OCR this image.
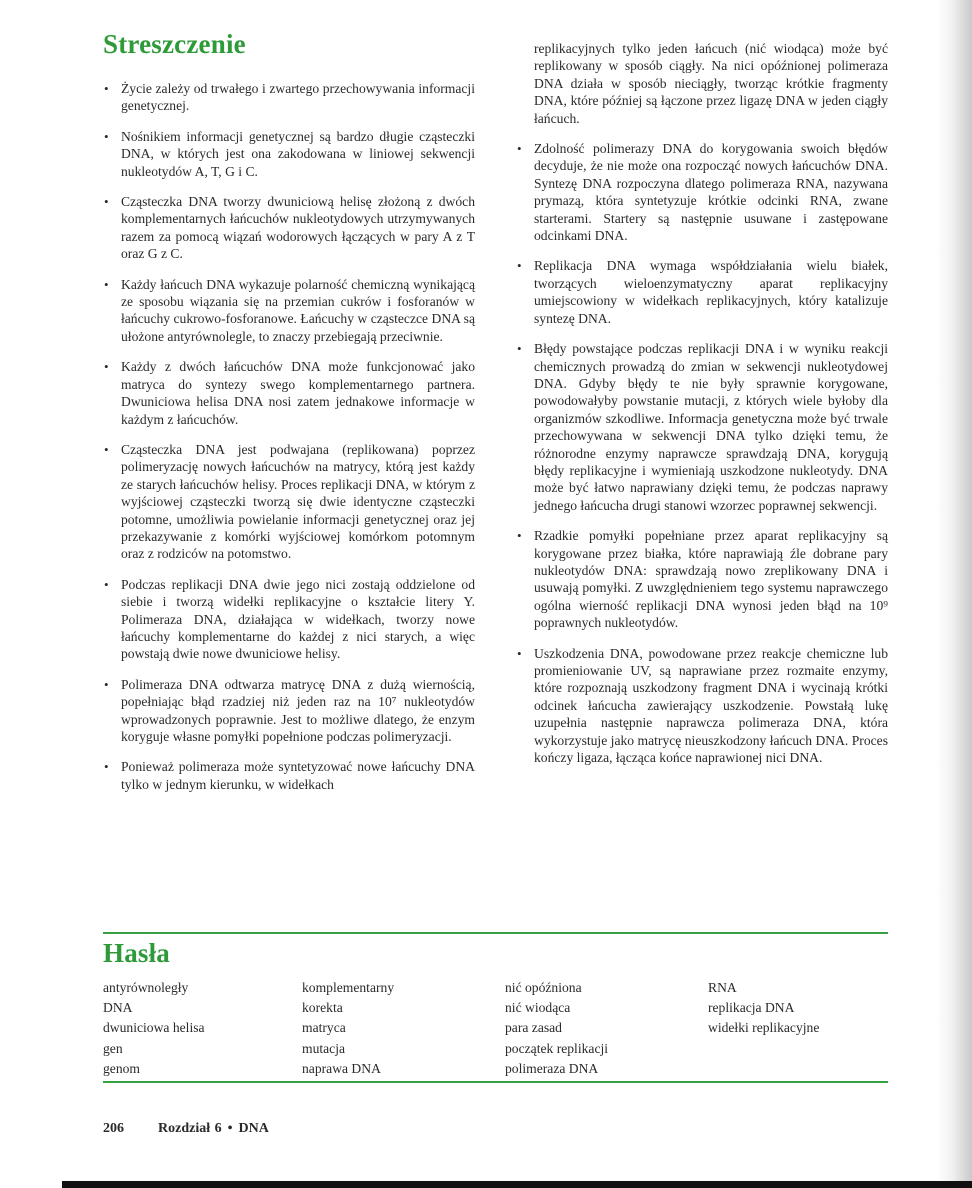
Streszczenie

• Życie zależy od trwałego i zwartego przechowywania informacji genetycznej.

• Nośnikiem informacji genetycznej są bardzo długie cząsteczki DNA, w których jest ona zakodowana w liniowej sekwencji nukleotydów A, T, G i C.

• Cząsteczka DNA tworzy dwuniciową helisę złożoną z dwóch komplementarnych łańcuchów nukleotydowych utrzymywanych razem za pomocą wiązań wodorowych łączących w pary A z T oraz G z C.

• Każdy łańcuch DNA wykazuje polarność chemiczną wynikającą ze sposobu wiązania się na przemian cukrów i fosforanów w łańcuchy cukrowo-fosforanowe. Łańcuchy w cząsteczce DNA są ułożone antyrównolegle, to znaczy przebiegają przeciwnie.

• Każdy z dwóch łańcuchów DNA może funkcjonować jako matryca do syntezy swego komplementarnego partnera. Dwuniciowa helisa DNA nosi zatem jednakowe informacje w każdym z łańcuchów.

• Cząsteczka DNA jest podwajana (replikowana) poprzez polimeryzację nowych łańcuchów na matrycy, którą jest każdy ze starych łańcuchów helisy. Proces replikacji DNA, w którym z wyjściowej cząsteczki tworzą się dwie identyczne cząsteczki potomne, umożliwia powielanie informacji genetycznej oraz jej przekazywanie z komórki wyjściowej komórkom potomnym oraz z rodziców na potomstwo.

• Podczas replikacji DNA dwie jego nici zostają oddzielone od siebie i tworzą widełki replikacyjne o kształcie litery Y. Polimeraza DNA, działająca w widełkach, tworzy nowe łańcuchy komplementarne do każdej z nici starych, a więc powstają dwie nowe dwuniciowe helisy.

• Polimeraza DNA odtwarza matrycę DNA z dużą wiernością, popełniając błąd rzadziej niż jeden raz na 10⁷ nukleotydów wprowadzonych poprawnie. Jest to możliwe dlatego, że enzym koryguje własne pomyłki popełnione podczas polimeryzacji.

• Ponieważ polimeraza może syntetyzować nowe łańcuchy DNA tylko w jednym kierunku, w widełkach

replikacyjnych tylko jeden łańcuch (nić wiodąca) może być replikowany w sposób ciągły. Na nici opóźnionej polimeraza DNA działa w sposób nieciągły, tworząc krótkie fragmenty DNA, które później są łączone przez ligazę DNA w jeden ciągły łańcuch.

• Zdolność polimerazy DNA do korygowania swoich błędów decyduje, że nie może ona rozpocząć nowych łańcuchów DNA. Syntezę DNA rozpoczyna dlatego polimeraza RNA, nazywana prymazą, która syntetyzuje krótkie odcinki RNA, zwane starterami. Startery są następnie usuwane i zastępowane odcinkami DNA.

• Replikacja DNA wymaga współdziałania wielu białek, tworzących wieloenzymatyczny aparat replikacyjny umiejscowiony w widełkach replikacyjnych, który katalizuje syntezę DNA.

• Błędy powstające podczas replikacji DNA i w wyniku reakcji chemicznych prowadzą do zmian w sekwencji nukleotydowej DNA. Gdyby błędy te nie były sprawnie korygowane, powodowałyby powstanie mutacji, z których wiele byłoby dla organizmów szkodliwe. Informacja genetyczna może być trwale przechowywana w sekwencji DNA tylko dzięki temu, że różnorodne enzymy naprawcze sprawdzają DNA, korygują błędy replikacyjne i wymieniają uszkodzone nukleotydy. DNA może być łatwo naprawiany dzięki temu, że podczas naprawy jednego łańcucha drugi stanowi wzorzec poprawnej sekwencji.

• Rzadkie pomyłki popełniane przez aparat replikacyjny są korygowane przez białka, które naprawiają źle dobrane pary nukleotydów DNA: sprawdzają nowo zreplikowany DNA i usuwają pomyłki. Z uwzględnieniem tego systemu naprawczego ogólna wierność replikacji DNA wynosi jeden błąd na 10⁹ poprawnych nukleotydów.

• Uszkodzenia DNA, powodowane przez reakcje chemiczne lub promieniowanie UV, są naprawiane przez rozmaite enzymy, które rozpoznają uszkodzony fragment DNA i wycinają krótki odcinek łańcucha zawierający uszkodzenie. Powstałą lukę uzupełnia następnie naprawcza polimeraza DNA, która wykorzystuje jako matrycę nieuszkodzony łańcuch DNA. Proces kończy ligaza, łącząca końce naprawionej nici DNA.

Hasła
antyrównoległy
DNA
dwuniciowa helisa
gen
genom
komplementarny
korekta
matryca
mutacja
naprawa DNA
nić opóźniona
nić wiodąca
para zasad
początek replikacji
polimeraza DNA
RNA
replikacja DNA
widełki replikacyjne
206 Rozdział 6 • DNA
